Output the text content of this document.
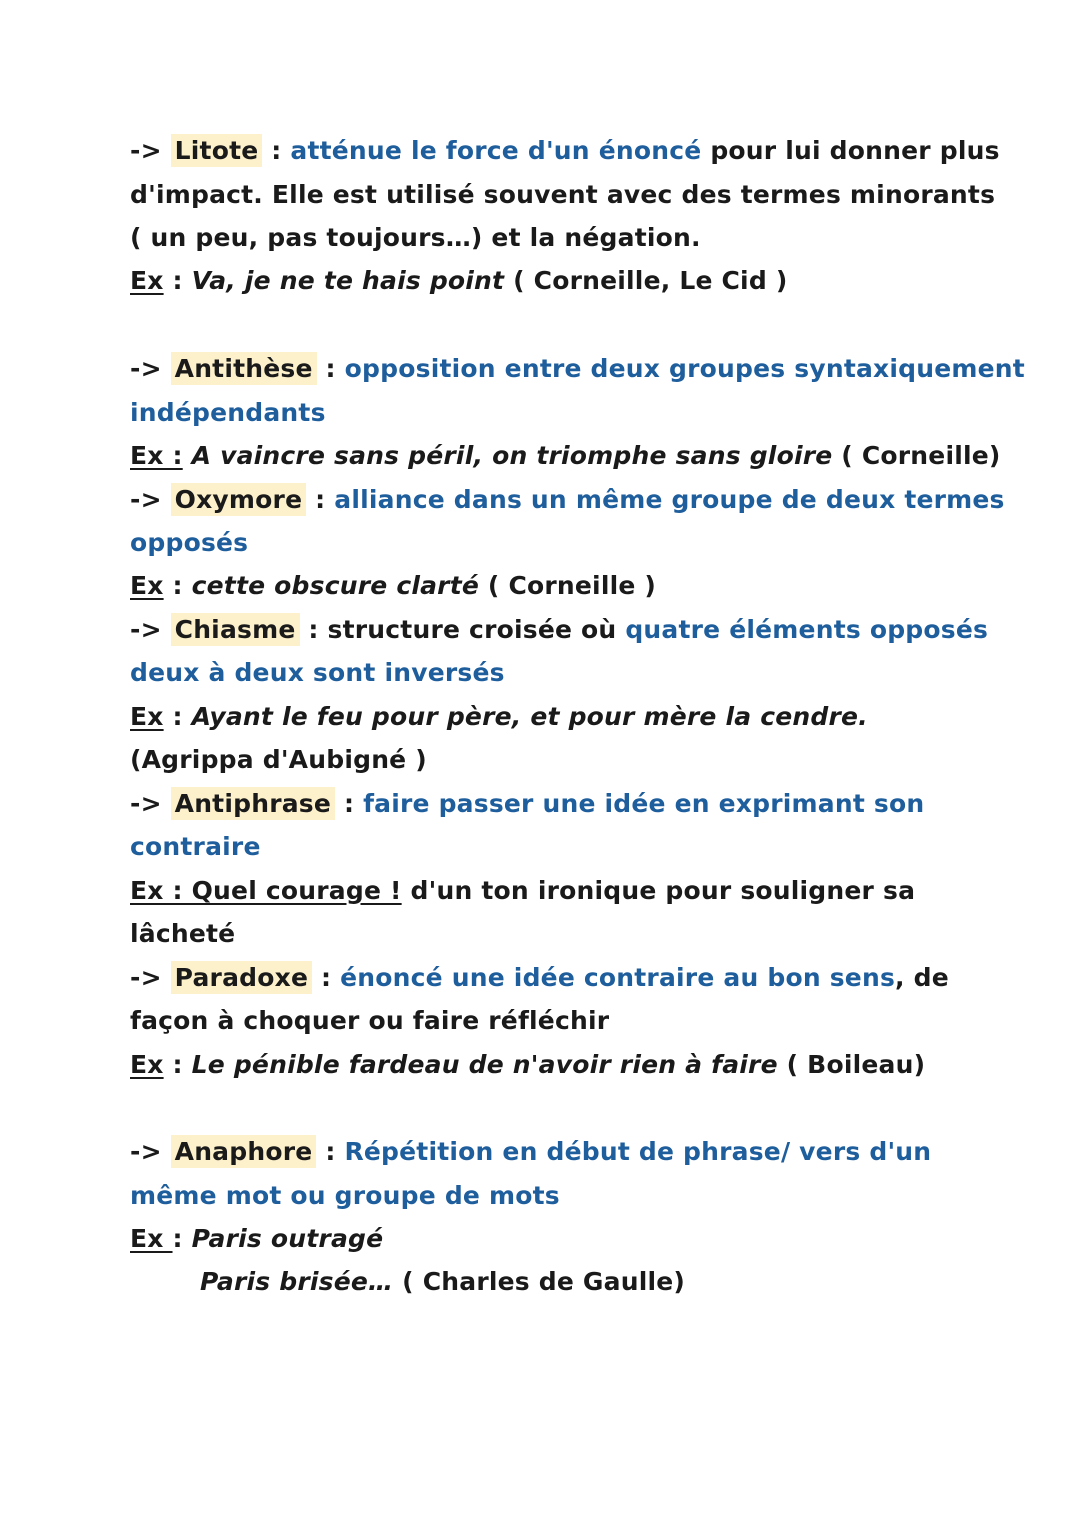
-> Litote : atténue le force d'un énoncé pour lui donner plus
d'impact. Elle est utilisé souvent avec des termes minorants
( un peu, pas toujours…) et la négation.
Ex : Va, je ne te hais point ( Corneille, Le Cid )
-> Antithèse : opposition entre deux groupes syntaxiquement
indépendants
Ex : A vaincre sans péril, on triomphe sans gloire ( Corneille)
-> Oxymore : alliance dans un même groupe de deux termes
opposés
Ex : cette obscure clarté ( Corneille )
-> Chiasme : structure croisée où quatre éléments opposés
deux à deux sont inversés
Ex : Ayant le feu pour père, et pour mère la cendre.
(Agrippa d'Aubigné )
-> Antiphrase : faire passer une idée en exprimant son
contraire
Ex : Quel courage ! d'un ton ironique pour souligner sa
lâcheté
-> Paradoxe : énoncé une idée contraire au bon sens, de
façon à choquer ou faire réfléchir
Ex : Le pénible fardeau de n'avoir rien à faire ( Boileau)
-> Anaphore : Répétition en début de phrase/ vers d'un
même mot ou groupe de mots
Ex : Paris outragé
Paris brisée… ( Charles de Gaulle)
